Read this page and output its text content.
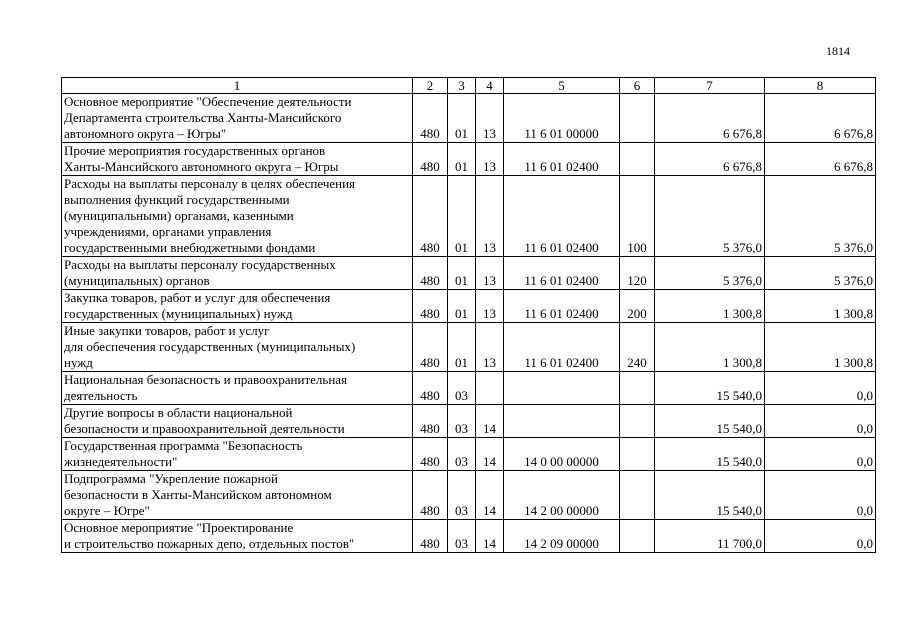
1814
1	2	3	4	5	6	7	8

Основное мероприятие "Обеспечение деятельности
Департамента строительства Ханты-Мансийского
автономного округа – Югры"	480	01	13	11 6 01 00000		6 676,8	6 676,8

Прочие мероприятия государственных органов
Ханты-Мансийского автономного округа – Югры	480	01	13	11 6 01 02400		6 676,8	6 676,8

Расходы на выплаты персоналу в целях обеспечения
выполнения функций государственными
(муниципальными) органами, казенными
учреждениями, органами управления
государственными внебюджетными фондами	480	01	13	11 6 01 02400	100	5 376,0	5 376,0

Расходы на выплаты персоналу государственных
(муниципальных) органов	480	01	13	11 6 01 02400	120	5 376,0	5 376,0

Закупка товаров, работ и услуг для обеспечения
государственных (муниципальных) нужд	480	01	13	11 6 01 02400	200	1 300,8	1 300,8

Иные закупки товаров, работ и услуг
для обеспечения государственных (муниципальных)
нужд	480	01	13	11 6 01 02400	240	1 300,8	1 300,8

Национальная безопасность и правоохранительная
деятельность	480	03				15 540,0	0,0

Другие вопросы в области национальной
безопасности и правоохранительной деятельности	480	03	14			15 540,0	0,0

Государственная программа "Безопасность
жизнедеятельности"	480	03	14	14 0 00 00000		15 540,0	0,0

Подпрограмма "Укрепление пожарной
безопасности в Ханты-Мансийском автономном
округе – Югре"	480	03	14	14 2 00 00000		15 540,0	0,0

Основное мероприятие "Проектирование
и строительство пожарных депо, отдельных постов"	480	03	14	14 2 09 00000		11 700,0	0,0
